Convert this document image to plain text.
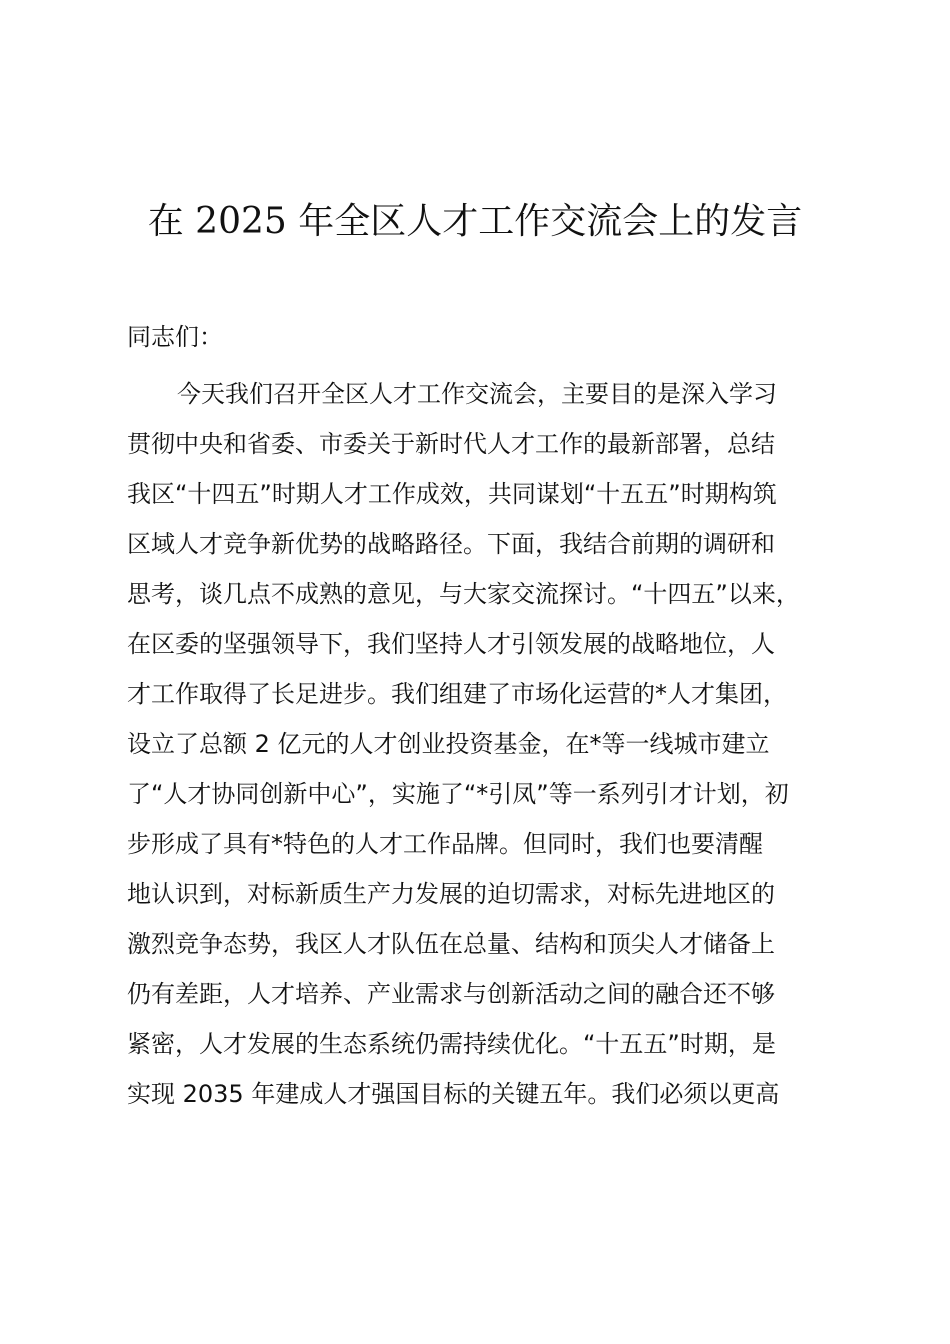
在 2025 年全区人才工作交流会上的发言
同志们：
今天我们召开全区人才工作交流会，主要目的是深入学习
贯彻中央和省委、市委关于新时代人才工作的最新部署，总结
我区“十四五”时期人才工作成效，共同谋划“十五五”时期构筑
区域人才竞争新优势的战略路径。下面，我结合前期的调研和
思考，谈几点不成熟的意见，与大家交流探讨。“十四五”以来，
在区委的坚强领导下，我们坚持人才引领发展的战略地位，人
才工作取得了长足进步。我们组建了市场化运营的*人才集团，
设立了总额 2 亿元的人才创业投资基金，在*等一线城市建立
了“人才协同创新中心”，实施了“*引凤”等一系列引才计划，初
步形成了具有*特色的人才工作品牌。但同时，我们也要清醒
地认识到，对标新质生产力发展的迫切需求，对标先进地区的
激烈竞争态势，我区人才队伍在总量、结构和顶尖人才储备上
仍有差距，人才培养、产业需求与创新活动之间的融合还不够
紧密，人才发展的生态系统仍需持续优化。“十五五”时期，是
实现 2035 年建成人才强国目标的关键五年。我们必须以更高
